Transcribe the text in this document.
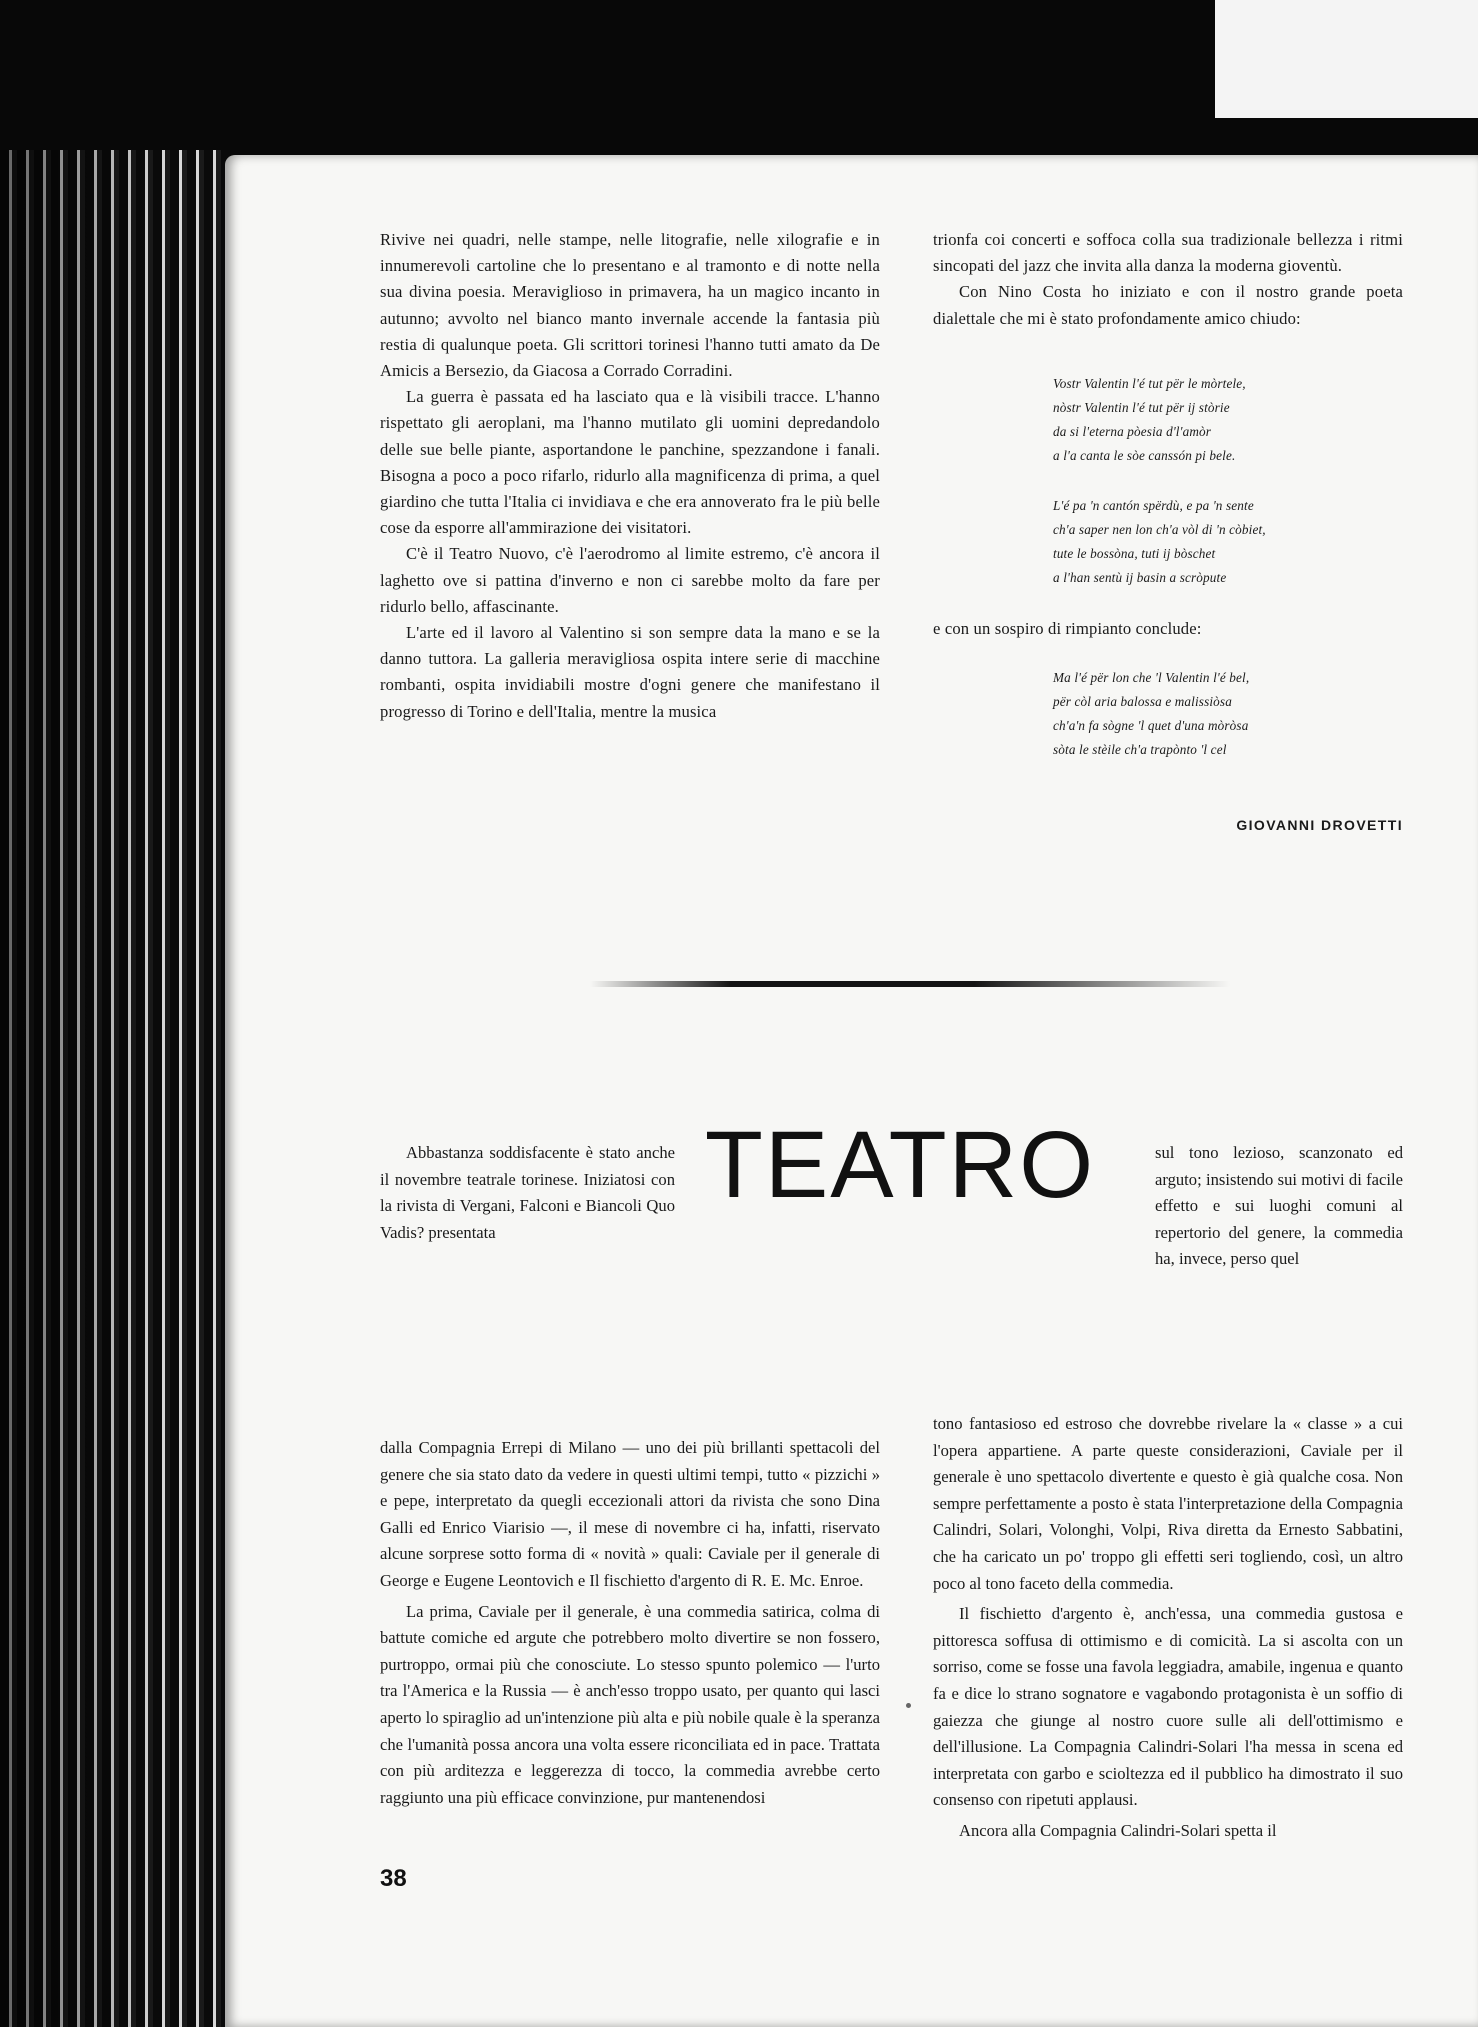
Rivive nei quadri, nelle stampe, nelle litografie, nelle xilografie e in innumerevoli cartoline che lo presentano e al tramonto e di notte nella sua divina poesia. Meraviglioso in primavera, ha un magico incanto in autunno; avvolto nel bianco manto invernale accende la fantasia più restia di qualunque poeta. Gli scrittori torinesi l'hanno tutti amato da De Amicis a Bersezio, da Giacosa a Corrado Corradini.

La guerra è passata ed ha lasciato qua e là visibili tracce. L'hanno rispettato gli aeroplani, ma l'hanno mutilato gli uomini depredandolo delle sue belle piante, asportandone le panchine, spezzandone i fanali. Bisogna a poco a poco rifarlo, ridurlo alla magnificenza di prima, a quel giardino che tutta l'Italia ci invidiava e che era annoverato fra le più belle cose da esporre all'ammirazione dei visitatori.

C'è il Teatro Nuovo, c'è l'aerodromo al limite estremo, c'è ancora il laghetto ove si pattina d'inverno e non ci sarebbe molto da fare per ridurlo bello, affascinante.

L'arte ed il lavoro al Valentino si son sempre data la mano e se la danno tuttora. La galleria meravigliosa ospita intere serie di macchine rombanti, ospita invidiabili mostre d'ogni genere che manifestano il progresso di Torino e dell'Italia, mentre la musica

trionfa coi concerti e soffoca colla sua tradizionale bellezza i ritmi sincopati del jazz che invita alla danza la moderna gioventù.

Con Nino Costa ho iniziato e con il nostro grande poeta dialettale che mi è stato profondamente amico chiudo:

Vostr Valentin l'é tut për le mòrtele,
nòstr Valentin l'é tut për ij stòrie
da si l'eterna pòesia d'l'amòr
a l'a canta le sòe canssón pi bele.
L'é pa 'n cantón spërdù, e pa 'n sente
ch'a saper nen lon ch'a vòl di 'n còbiet,
tute le bossòna, tuti ij bòschet
a l'han sentù ij basin a scròpute

e con un sospiro di rimpianto conclude:

Ma l'é për lon che 'l Valentin l'é bel,
për còl aria balossa e malissiòsa
ch'a'n fa sògne 'l quet d'una mòròsa
sòta le stèile ch'a trapònto 'l cel
GIOVANNI DROVETTI
TEATRO

Abbastanza soddisfacente è stato anche il novembre teatrale torinese. Iniziatosi con la rivista di Vergani, Falconi e Biancoli Quo Vadis? presentata

sul tono lezioso, scanzonato ed arguto; insistendo sui motivi di facile effetto e sui luoghi comuni al repertorio del genere, la commedia ha, invece, perso quel

dalla Compagnia Errepi di Milano — uno dei più brillanti spettacoli del genere che sia stato dato da vedere in questi ultimi tempi, tutto « pizzichi » e pepe, interpretato da quegli eccezionali attori da rivista che sono Dina Galli ed Enrico Viarisio —, il mese di novembre ci ha, infatti, riservato alcune sorprese sotto forma di « novità » quali: Caviale per il generale di George e Eugene Leontovich e Il fischietto d'argento di R. E. Mc. Enroe.

La prima, Caviale per il generale, è una commedia satirica, colma di battute comiche ed argute che potrebbero molto divertire se non fossero, purtroppo, ormai più che conosciute. Lo stesso spunto polemico — l'urto tra l'America e la Russia — è anch'esso troppo usato, per quanto qui lasci aperto lo spiraglio ad un'intenzione più alta e più nobile quale è la speranza che l'umanità possa ancora una volta essere riconciliata ed in pace. Trattata con più arditezza e leggerezza di tocco, la commedia avrebbe certo raggiunto una più efficace convinzione, pur mantenendosi

tono fantasioso ed estroso che dovrebbe rivelare la « classe » a cui l'opera appartiene. A parte queste considerazioni, Caviale per il generale è uno spettacolo divertente e questo è già qualche cosa. Non sempre perfettamente a posto è stata l'interpretazione della Compagnia Calindri, Solari, Volonghi, Volpi, Riva diretta da Ernesto Sabbatini, che ha caricato un po' troppo gli effetti seri togliendo, così, un altro poco al tono faceto della commedia.

Il fischietto d'argento è, anch'essa, una commedia gustosa e pittoresca soffusa di ottimismo e di comicità. La si ascolta con un sorriso, come se fosse una favola leggiadra, amabile, ingenua e quanto fa e dice lo strano sognatore e vagabondo protagonista è un soffio di gaiezza che giunge al nostro cuore sulle ali dell'ottimismo e dell'illusione. La Compagnia Calindri-Solari l'ha messa in scena ed interpretata con garbo e scioltezza ed il pubblico ha dimostrato il suo consenso con ripetuti applausi.

Ancora alla Compagnia Calindri-Solari spetta il

38
